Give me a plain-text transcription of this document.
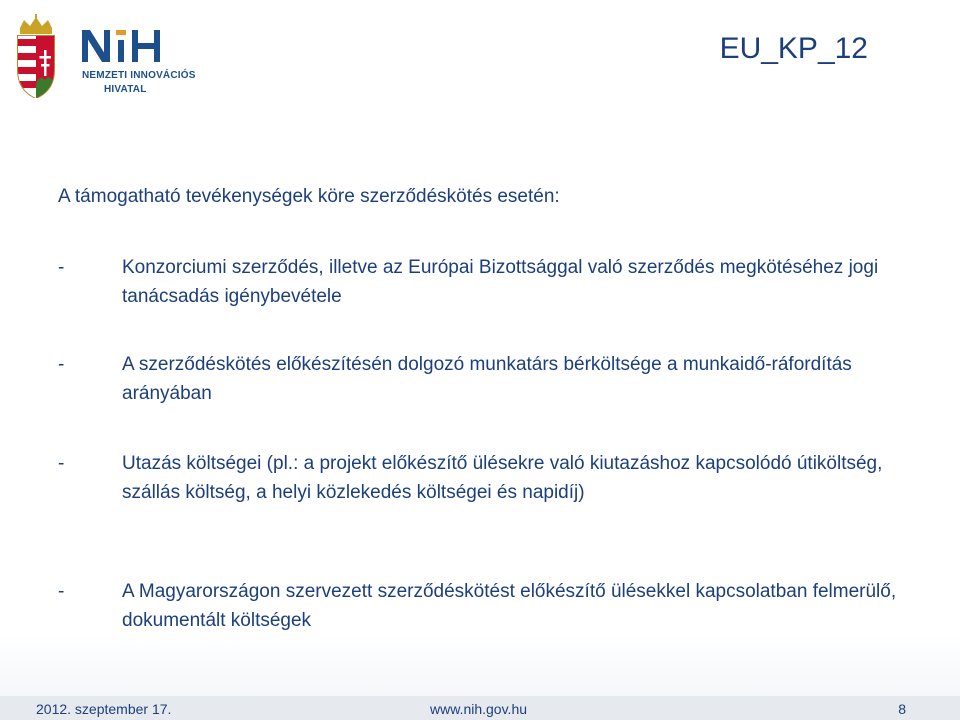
NEMZETI INNOVÁCIÓS
HIVATAL
EU_KP_12
A támogatható tevékenységek köre szerződéskötés esetén:
-	Konzorciumi szerződés, illetve az Európai Bizottsággal való szerződés megkötéséhez jogi tanácsadás igénybevétele
-	A szerződéskötés előkészítésén dolgozó munkatárs bérköltsége a munkaidő-ráfordítás arányában
-	Utazás költségei (pl.: a projekt előkészítő ülésekre való kiutazáshoz kapcsolódó útiköltség, szállás költség, a helyi közlekedés költségei és napidíj)
-	A Magyarországon szervezett szerződéskötést előkészítő ülésekkel kapcsolatban felmerülő, dokumentált költségek
2012. szeptember 17.	www.nih.gov.hu	8
